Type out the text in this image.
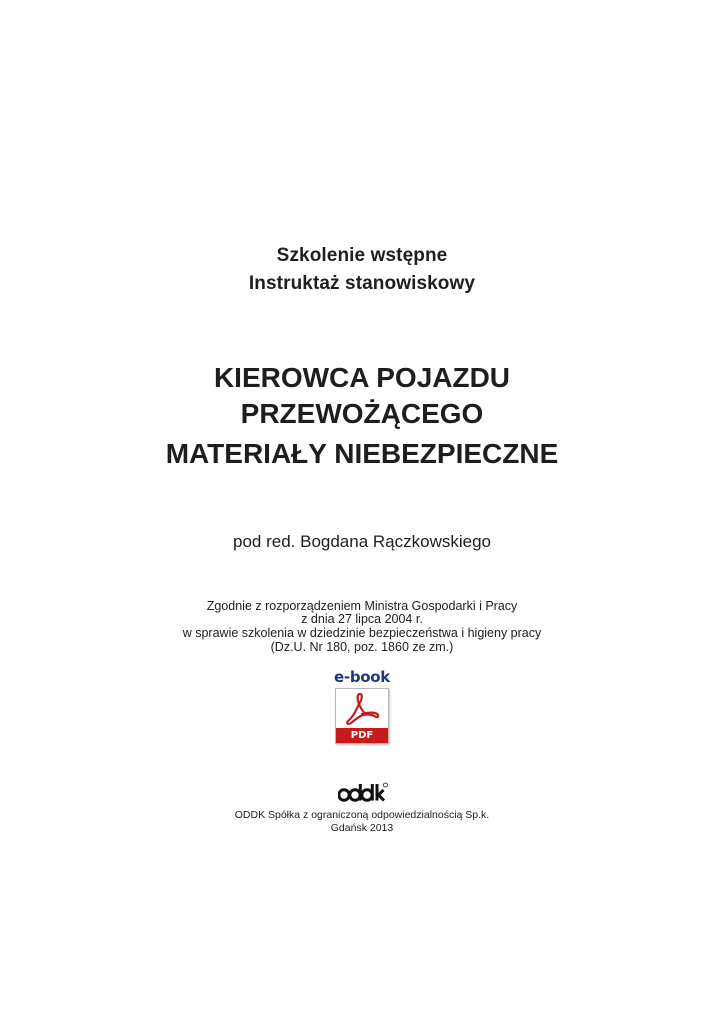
Szkolenie wstępne
Instruktaż stanowiskowy
KIEROWCA POJAZDU
PRZEWOŻĄCEGO
MATERIAŁY NIEBEZPIECZNE
pod red. Bogdana Rączkowskiego
Zgodnie z rozporządzeniem Ministra Gospodarki i Pracy
z dnia 27 lipca 2004 r.
w sprawie szkolenia w dziedzinie bezpieczeństwa i higieny pracy
(Dz.U. Nr 180, poz. 1860 ze zm.)
e-book
PDF
ODDK Spółka z ograniczoną odpowiedzialnością Sp.k.
Gdańsk 2013
